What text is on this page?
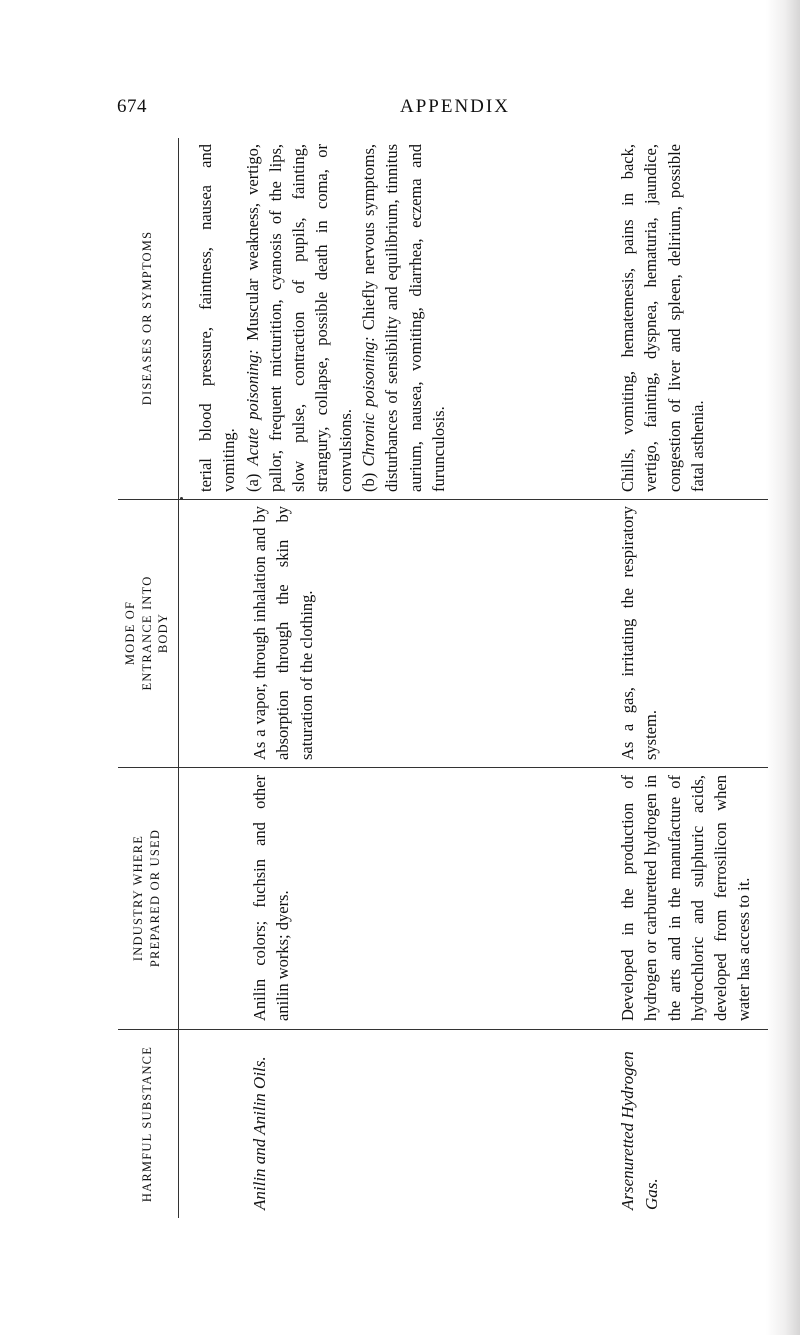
674	APPENDIX
HARMFUL SUBSTANCE
INDUSTRY WHERE PREPARED OR USED
MODE OF ENTRANCE INTO BODY
DISEASES OR SYMPTOMS
Anilin and Anilin Oils.
Anilin colors; fuchsin and other anilin works; dyers.
As a vapor, through inhalation and by absorption through the skin by saturation of the clothing.

terial blood pressure, faintness, nausea and vomiting. (a) Acute poisoning: Muscular weakness, vertigo, pallor, frequent micturition, cyanosis of the lips, slow pulse, contraction of pupils, fainting, strangury, collapse, possible death in coma, or convulsions. (b) Chronic poisoning: Chiefly nervous symptoms, disturbances of sensibility and equilibrium, tinnitus aurium, nausea, vomiting, diarrhea, eczema and furunculosis.

Arsenuretted Hydrogen Gas.
Developed in the production of hydrogen or carburetted hydrogen in the arts and in the manufacture of hydrochloric and sulphuric acids, developed from ferrosilicon when water has access to it.
As a gas, irritating the respiratory system.
Chills, vomiting, hematemesis, pains in back, vertigo, fainting, dyspnea, hematuria, jaundice, congestion of liver and spleen, delirium, possible fatal asthenia.
